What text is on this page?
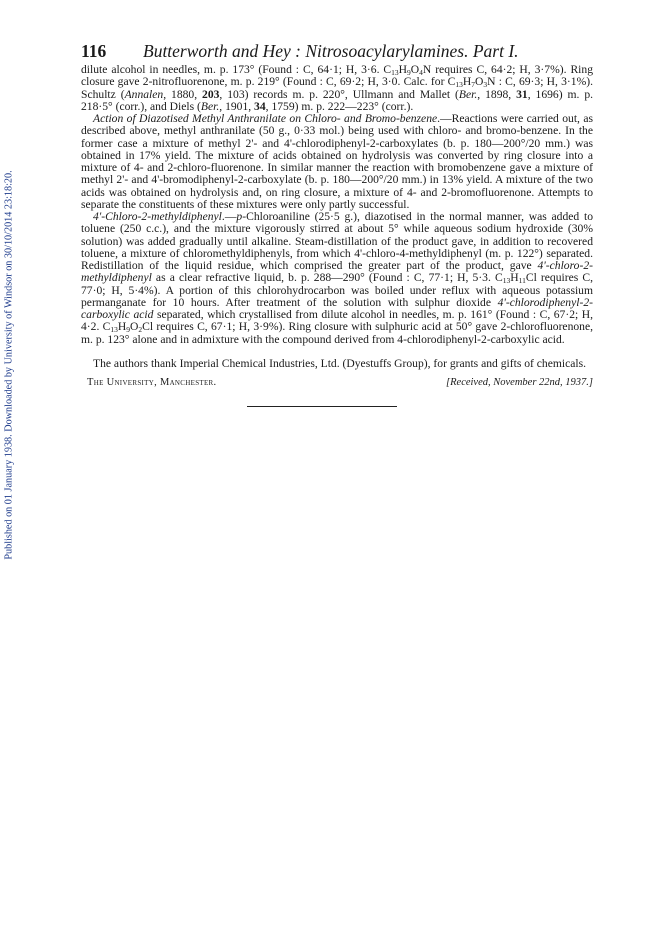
Published on 01 January 1938. Downloaded by University of Windsor on 30/10/2014 23:18:20.
116	Butterworth and Hey : Nitrosoacylarylamines. Part I.

dilute alcohol in needles, m. p. 173° (Found : C, 64·1; H, 3·6. $C_{13}H_9O_4N$ requires C, 64·2; H, 3·7%). Ring closure gave 2-nitrofluorenone, m. p. 219° (Found : C, 69·2; H, 3·0. Calc. for $C_{13}H_7O_3N$ : C, 69·3; H, 3·1%). Schultz (Annalen, 1880, 203, 103) records m. p. 220°, Ullmann and Mallet (Ber., 1898, 31, 1696) m. p. 218·5° (corr.), and Diels (Ber., 1901, 34, 1759) m. p. 222—223° (corr.).

Action of Diazotised Methyl Anthranilate on Chloro- and Bromo-benzene.—Reactions were carried out, as described above, methyl anthranilate (50 g., 0·33 mol.) being used with chloro- and bromo-benzene. In the former case a mixture of methyl 2'- and 4'-chlorodiphenyl-2-carboxylates (b. p. 180—200°/20 mm.) was obtained in 17% yield. The mixture of acids obtained on hydrolysis was converted by ring closure into a mixture of 4- and 2-chloro-fluorenone. In similar manner the reaction with bromobenzene gave a mixture of methyl 2'- and 4'-bromodiphenyl-2-carboxylate (b. p. 180—200°/20 mm.) in 13% yield. A mixture of the two acids was obtained on hydrolysis and, on ring closure, a mixture of 4- and 2-bromofluorenone. Attempts to separate the constituents of these mixtures were only partly successful.

4'-Chloro-2-methyldiphenyl.—p-Chloroaniline (25·5 g.), diazotised in the normal manner, was added to toluene (250 c.c.), and the mixture vigorously stirred at about 5° while aqueous sodium hydroxide (30% solution) was added gradually until alkaline. Steam-distillation of the product gave, in addition to recovered toluene, a mixture of chloromethyldiphenyls, from which 4'-chloro-4-methyldiphenyl (m. p. 122°) separated. Redistillation of the liquid residue, which comprised the greater part of the product, gave 4'-chloro-2-methyldiphenyl as a clear refractive liquid, b. p. 288—290° (Found : C, 77·1; H, 5·3. $C_{13}H_{11}Cl$ requires C, 77·0; H, 5·4%). A portion of this chlorohydrocarbon was boiled under reflux with aqueous potassium permanganate for 10 hours. After treatment of the solution with sulphur dioxide 4'-chlorodiphenyl-2-carboxylic acid separated, which crystallised from dilute alcohol in needles, m. p. 161° (Found : C, 67·2; H, 4·2. $C_{13}H_9O_2Cl$ requires C, 67·1; H, 3·9%). Ring closure with sulphuric acid at 50° gave 2-chlorofluorenone, m. p. 123° alone and in admixture with the compound derived from 4-chlorodiphenyl-2-carboxylic acid.

The authors thank Imperial Chemical Industries, Ltd. (Dyestuffs Group), for grants and gifts of chemicals.

The University, Manchester.	[Received, November 22nd, 1937.]
